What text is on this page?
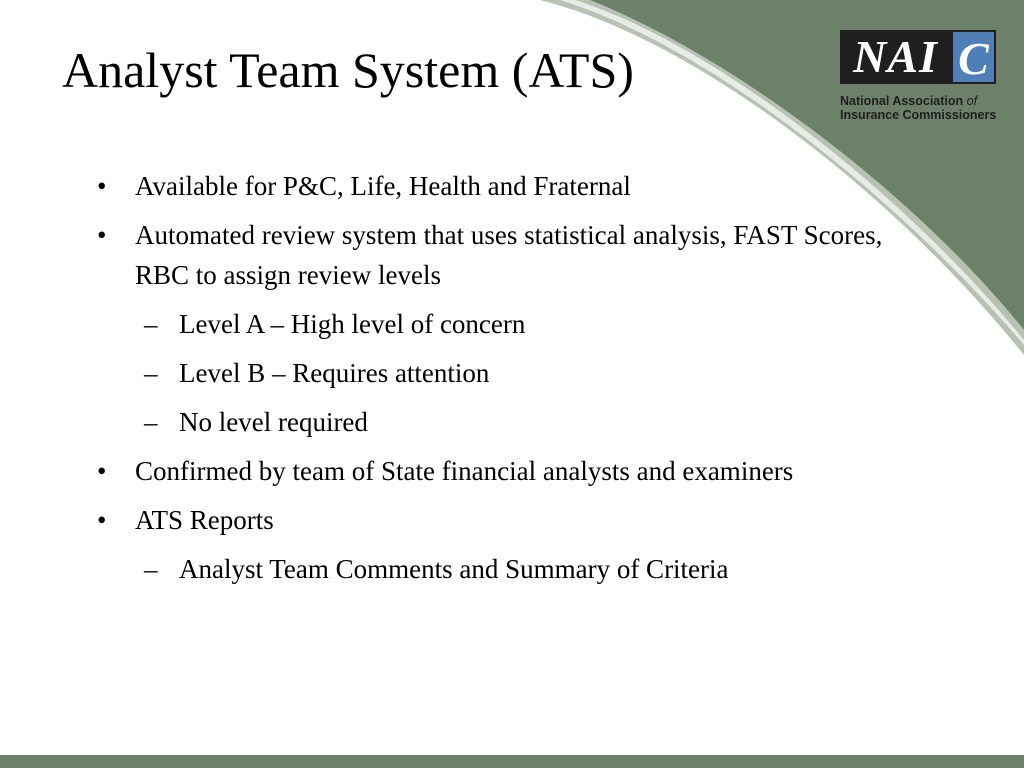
Analyst Team System (ATS)	NAI C
National Association of
Insurance Commissioners
•	Available for P&C, Life, Health and Fraternal
•	Automated review system that uses statistical analysis, FAST Scores, RBC to assign review levels
– Level A – High level of concern
– Level B – Requires attention
– No level required
•	Confirmed by team of State financial analysts and examiners
•	ATS Reports
– Analyst Team Comments and Summary of Criteria
